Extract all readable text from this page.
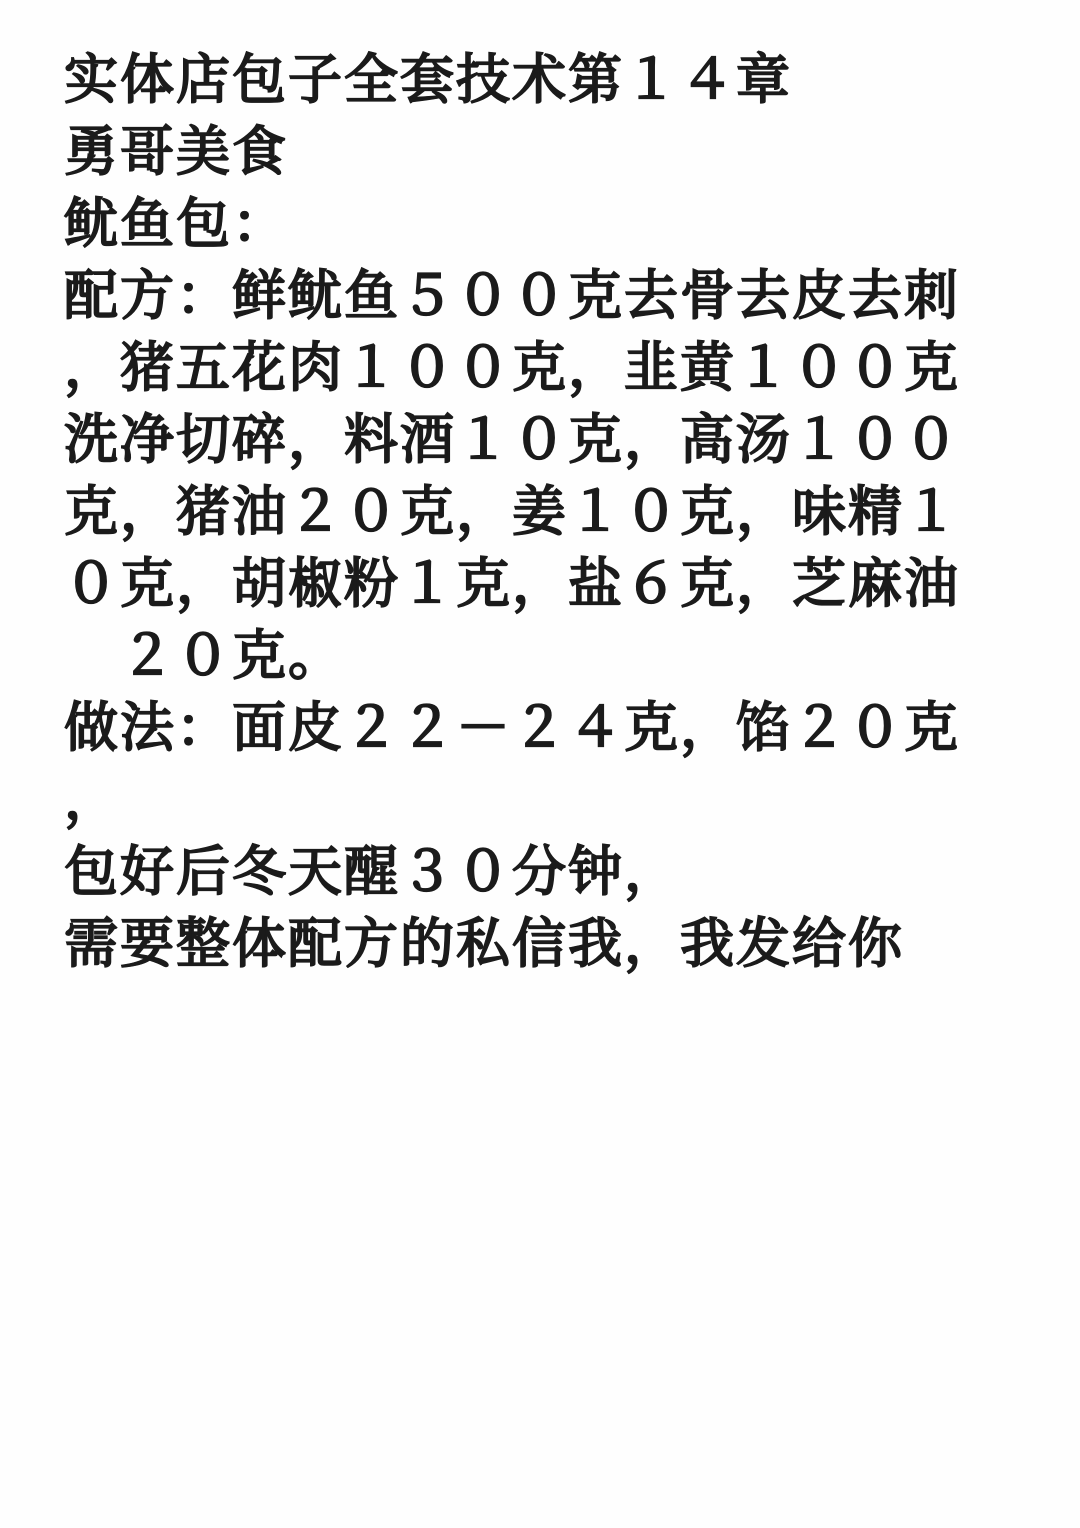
实体店包子全套技术第１４章
勇哥美食
鱿鱼包：
配方：鲜鱿鱼５００克去骨去皮去刺
，猪五花肉１００克，韭黄１００克
洗净切碎，料酒１０克，高汤１００
克，猪油２０克，姜１０克，味精１
０克，胡椒粉１克，盐６克，芝麻油
　２０克。
做法：面皮２２－２４克，馅２０克
，
包好后冬天醒３０分钟，
需要整体配方的私信我，我发给你
